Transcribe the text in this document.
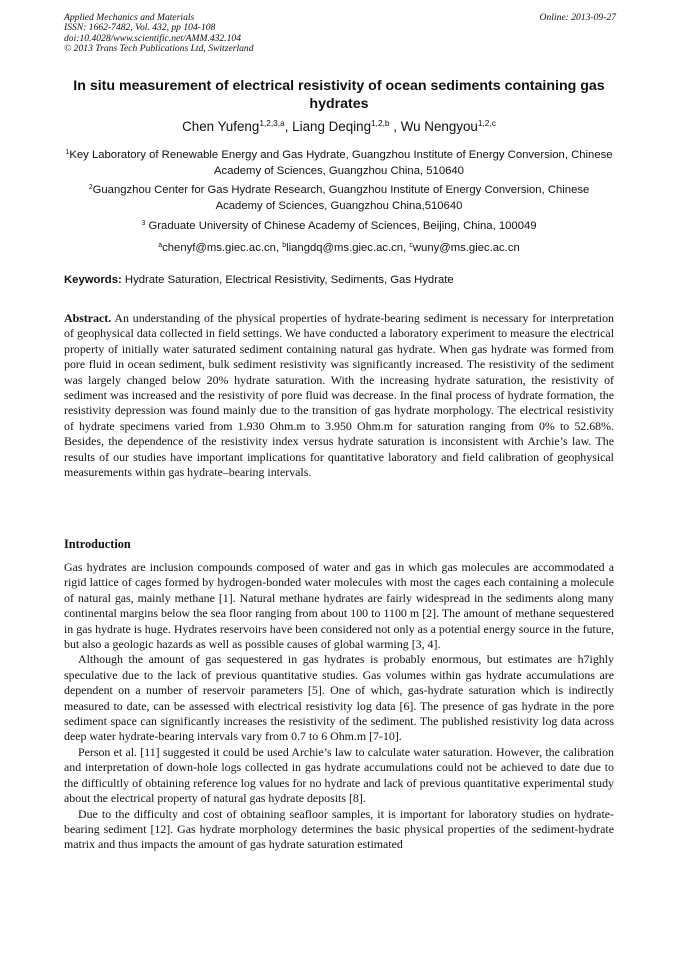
Applied Mechanics and Materials
ISSN: 1662-7482, Vol. 432, pp 104-108
doi:10.4028/www.scientific.net/AMM.432.104
© 2013 Trans Tech Publications Ltd, Switzerland
Online: 2013-09-27
In situ measurement of electrical resistivity of ocean sediments containing gas hydrates
Chen Yufeng$^{1,2,3,a}$, Liang Deqing$^{1,2,b}$ , Wu Nengyou$^{1,2,c}$
$^1$Key Laboratory of Renewable Energy and Gas Hydrate, Guangzhou Institute of Energy Conversion, Chinese Academy of Sciences, Guangzhou China, 510640
$^2$Guangzhou Center for Gas Hydrate Research, Guangzhou Institute of Energy Conversion, Chinese Academy of Sciences, Guangzhou China,510640
$^3$ Graduate University of Chinese Academy of Sciences, Beijing, China, 100049
$^a$chenyf@ms.giec.ac.cn, $^b$liangdq@ms.giec.ac.cn, $^c$wuny@ms.giec.ac.cn
Keywords: Hydrate Saturation, Electrical Resistivity, Sediments, Gas Hydrate
Abstract. An understanding of the physical properties of hydrate-bearing sediment is necessary for interpretation of geophysical data collected in field settings. We have conducted a laboratory experiment to measure the electrical property of initially water saturated sediment containing natural gas hydrate. When gas hydrate was formed from pore fluid in ocean sediment, bulk sediment resistivity was significantly increased. The resistivity of the sediment was largely changed below 20% hydrate saturation. With the increasing hydrate saturation, the resistivity of sediment was increased and the resistivity of pore fluid was decrease. In the final process of hydrate formation, the resistivity depression was found mainly due to the transition of gas hydrate morphology. The electrical resistivity of hydrate specimens varied from 1.930 Ohm.m to 3.950 Ohm.m for saturation ranging from 0% to 52.68%. Besides, the dependence of the resistivity index versus hydrate saturation is inconsistent with Archie’s law. The results of our studies have important implications for quantitative laboratory and field calibration of geophysical measurements within gas hydrate–bearing intervals.
Introduction

Gas hydrates are inclusion compounds composed of water and gas in which gas molecules are accommodated a rigid lattice of cages formed by hydrogen-bonded water molecules with most the cages each containing a molecule of natural gas, mainly methane [1]. Natural methane hydrates are fairly widespread in the sediments along many continental margins below the sea floor ranging from about 100 to 1100 m [2]. The amount of methane sequestered in gas hydrate is huge. Hydrates reservoirs have been considered not only as a potential energy source in the future, but also a geologic hazards as well as possible causes of global warming [3, 4].

Although the amount of gas sequestered in gas hydrates is probably enormous, but estimates are h7ighly speculative due to the lack of previous quantitative studies. Gas volumes within gas hydrate accumulations are dependent on a number of reservoir parameters [5]. One of which, gas-hydrate saturation which is indirectly measured to date, can be assessed with electrical resistivity log data [6]. The presence of gas hydrate in the pore sediment space can significantly increases the resistivity of the sediment. The published resistivity log data across deep water hydrate-bearing intervals vary from 0.7 to 6 Ohm.m [7-10].

Person et al. [11] suggested it could be used Archie’s law to calculate water saturation. However, the calibration and interpretation of down-hole logs collected in gas hydrate accumulations could not be achieved to date due to the difficultly of obtaining reference log values for no hydrate and lack of previous quantitative experimental study about the electrical property of natural gas hydrate deposits [8].

Due to the difficulty and cost of obtaining seafloor samples, it is important for laboratory studies on hydrate-bearing sediment [12]. Gas hydrate morphology determines the basic physical properties of the sediment-hydrate matrix and thus impacts the amount of gas hydrate saturation estimated
